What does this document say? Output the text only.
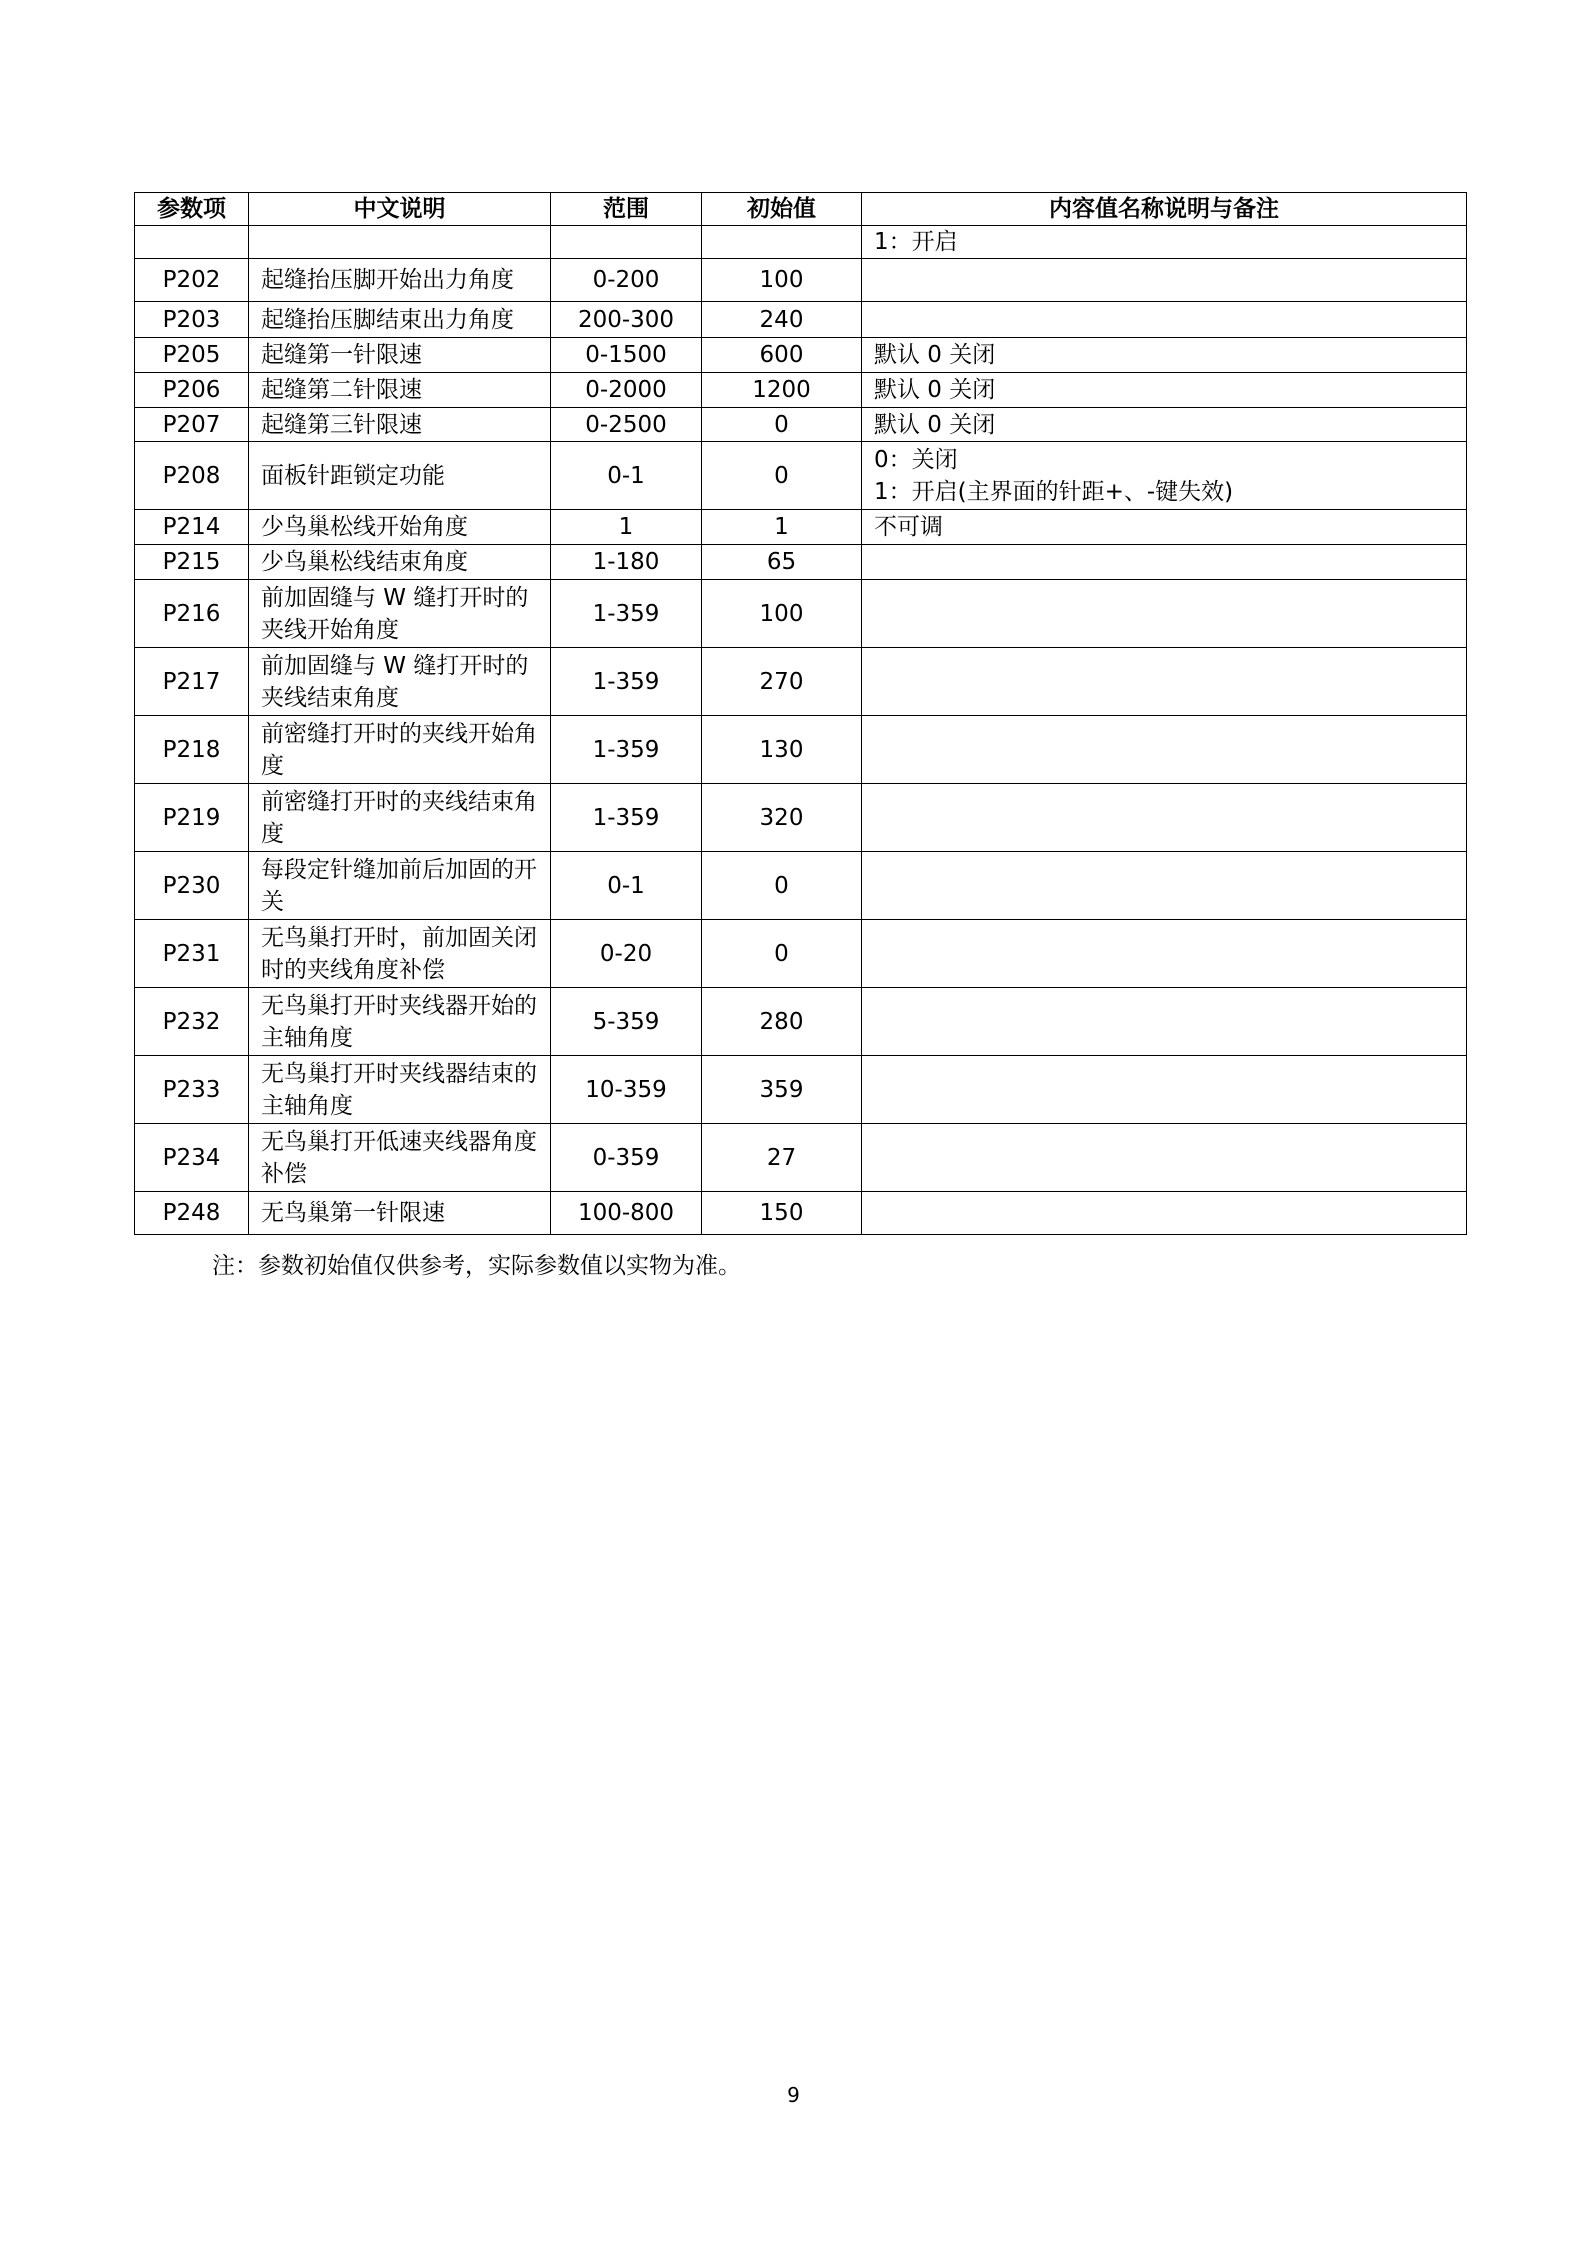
参数项	中文说明	范围	初始值	内容值名称说明与备注

				1：开启

P202	起缝抬压脚开始出力角度	0-200	100	
P203	起缝抬压脚结束出力角度	200-300	240	
P205	起缝第一针限速	0-1500	600	默认 0 关闭

P206	起缝第二针限速	0-2000	1200	默认 0 关闭

P207	起缝第三针限速	0-2500	0	默认 0 关闭

P208	面板针距锁定功能	0-1	0	0：关闭
1：开启(主界面的针距+、-键失效)

P214	少鸟巢松线开始角度	1	1	不可调

P215	少鸟巢松线结束角度	1-180	65	
P216	前加固缝与 W 缝打开时的夹线开始角度	1-359	100	
P217	前加固缝与 W 缝打开时的夹线结束角度	1-359	270	
P218	前密缝打开时的夹线开始角度	1-359	130	
P219	前密缝打开时的夹线结束角度	1-359	320	
P230	每段定针缝加前后加固的开关	0-1	0	
P231	无鸟巢打开时，前加固关闭时的夹线角度补偿	0-20	0	
P232	无鸟巢打开时夹线器开始的主轴角度	5-359	280	
P233	无鸟巢打开时夹线器结束的主轴角度	10-359	359	
P234	无鸟巢打开低速夹线器角度补偿	0-359	27	
P248	无鸟巢第一针限速	100-800	150	
注：参数初始值仅供参考，实际参数值以实物为准。
9
